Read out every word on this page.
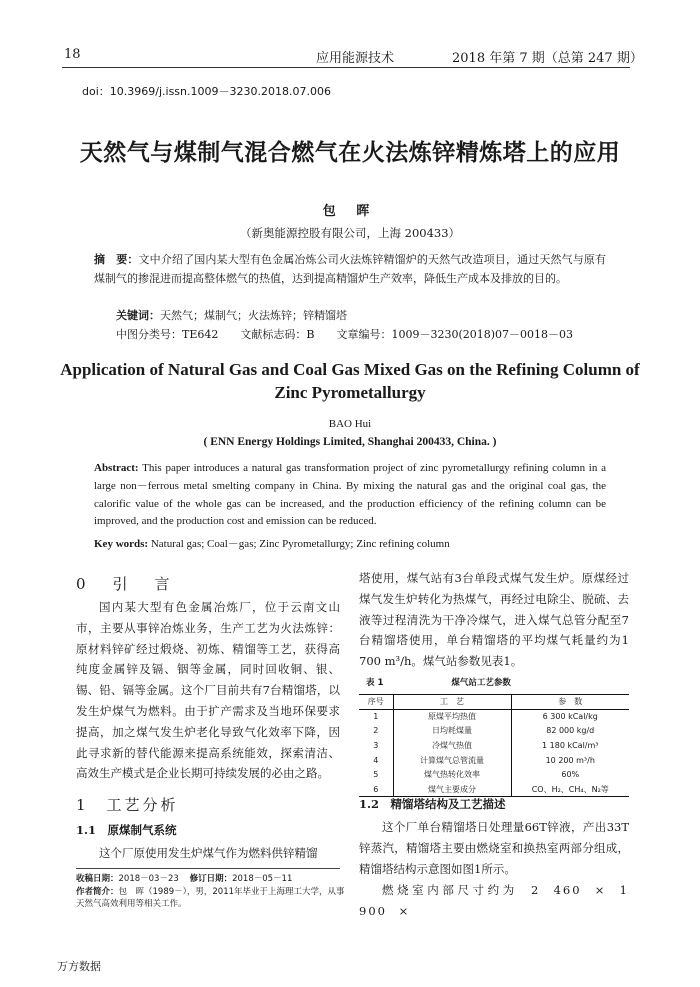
18	应用能源技术	2018 年第 7 期（总第 247 期）
doi：10.3969/j.issn.1009－3230.2018.07.006
天然气与煤制气混合燃气在火法炼锌精炼塔上的应用
包 晖
（新奥能源控股有限公司，上海 200433）
摘　要：文中介绍了国内某大型有色金属冶炼公司火法炼锌精馏炉的天然气改造项目，通过天然气与原有煤制气的掺混进而提高整体燃气的热值，达到提高精馏炉生产效率，降低生产成本及排放的目的。
关键词：天然气；煤制气；火法炼锌；锌精馏塔
中图分类号：TE642 文献标志码：B 文章编号：1009－3230(2018)07－0018－03
Application of Natural Gas and Coal Gas Mixed Gas on the Refining Column of Zinc Pyrometallurgy
BAO Hui
( ENN Energy Holdings Limited, Shanghai 200433, China. )
Abstract: This paper introduces a natural gas transformation project of zinc pyrometallurgy refining column in a large non－ferrous metal smelting company in China. By mixing the natural gas and the original coal gas, the calorific value of the whole gas can be increased, and the production efficiency of the refining column can be improved, and the production cost and emission can be reduced.
Key words: Natural gas; Coal－gas; Zinc Pyrometallurgy; Zinc refining column
0　引　言
国内某大型有色金属冶炼厂，位于云南文山市，主要从事锌冶炼业务，生产工艺为火法炼锌：原材料锌矿经过煅烧、初炼、精馏等工艺，获得高纯度金属锌及镉、铟等金属，同时回收铜、银、锡、铅、镉等金属。这个厂目前共有7台精馏塔，以发生炉煤气为燃料。由于扩产需求及当地环保要求提高，加之煤气发生炉老化导致气化效率下降，因此寻求新的替代能源来提高系统能效，探索清洁、高效生产模式是企业长期可持续发展的必由之路。
1　工艺分析
1.1　原煤制气系统
这个厂原使用发生炉煤气作为燃料供锌精馏
收稿日期：2018－03－23 修订日期：2018－05－11
作者简介：包　晖（1989－），男，2011年毕业于上海理工大学，从事天然气高效利用等相关工作。
塔使用，煤气站有3台单段式煤气发生炉。原煤经过煤气发生炉转化为热煤气，再经过电除尘、脱硫、去液等过程清洗为干净冷煤气，进入煤气总管分配至7台精馏塔使用，单台精馏塔的平均煤气耗量约为1 700 m³/h。煤气站参数见表1。
表 1	煤气站工艺参数
序号	工　艺	参　数
1	原煤平均热值	6 300 kCal/kg
2	日均耗煤量	82 000 kg/d
3	冷煤气热值	1 180 kCal/m³
4	计算煤气总管流量	10 200 m³/h
5	煤气热转化效率	60%
6	煤气主要成分	CO、H₂、CH₄、N₂等
1.2　精馏塔结构及工艺描述
这个厂单台精馏塔日处理量66T锌液，产出33T锌蒸汽，精馏塔主要由燃烧室和换热室两部分组成，精馏塔结构示意图如图1所示。
燃烧室内部尺寸约为 2 460 × 1 900 ×
万方数据
